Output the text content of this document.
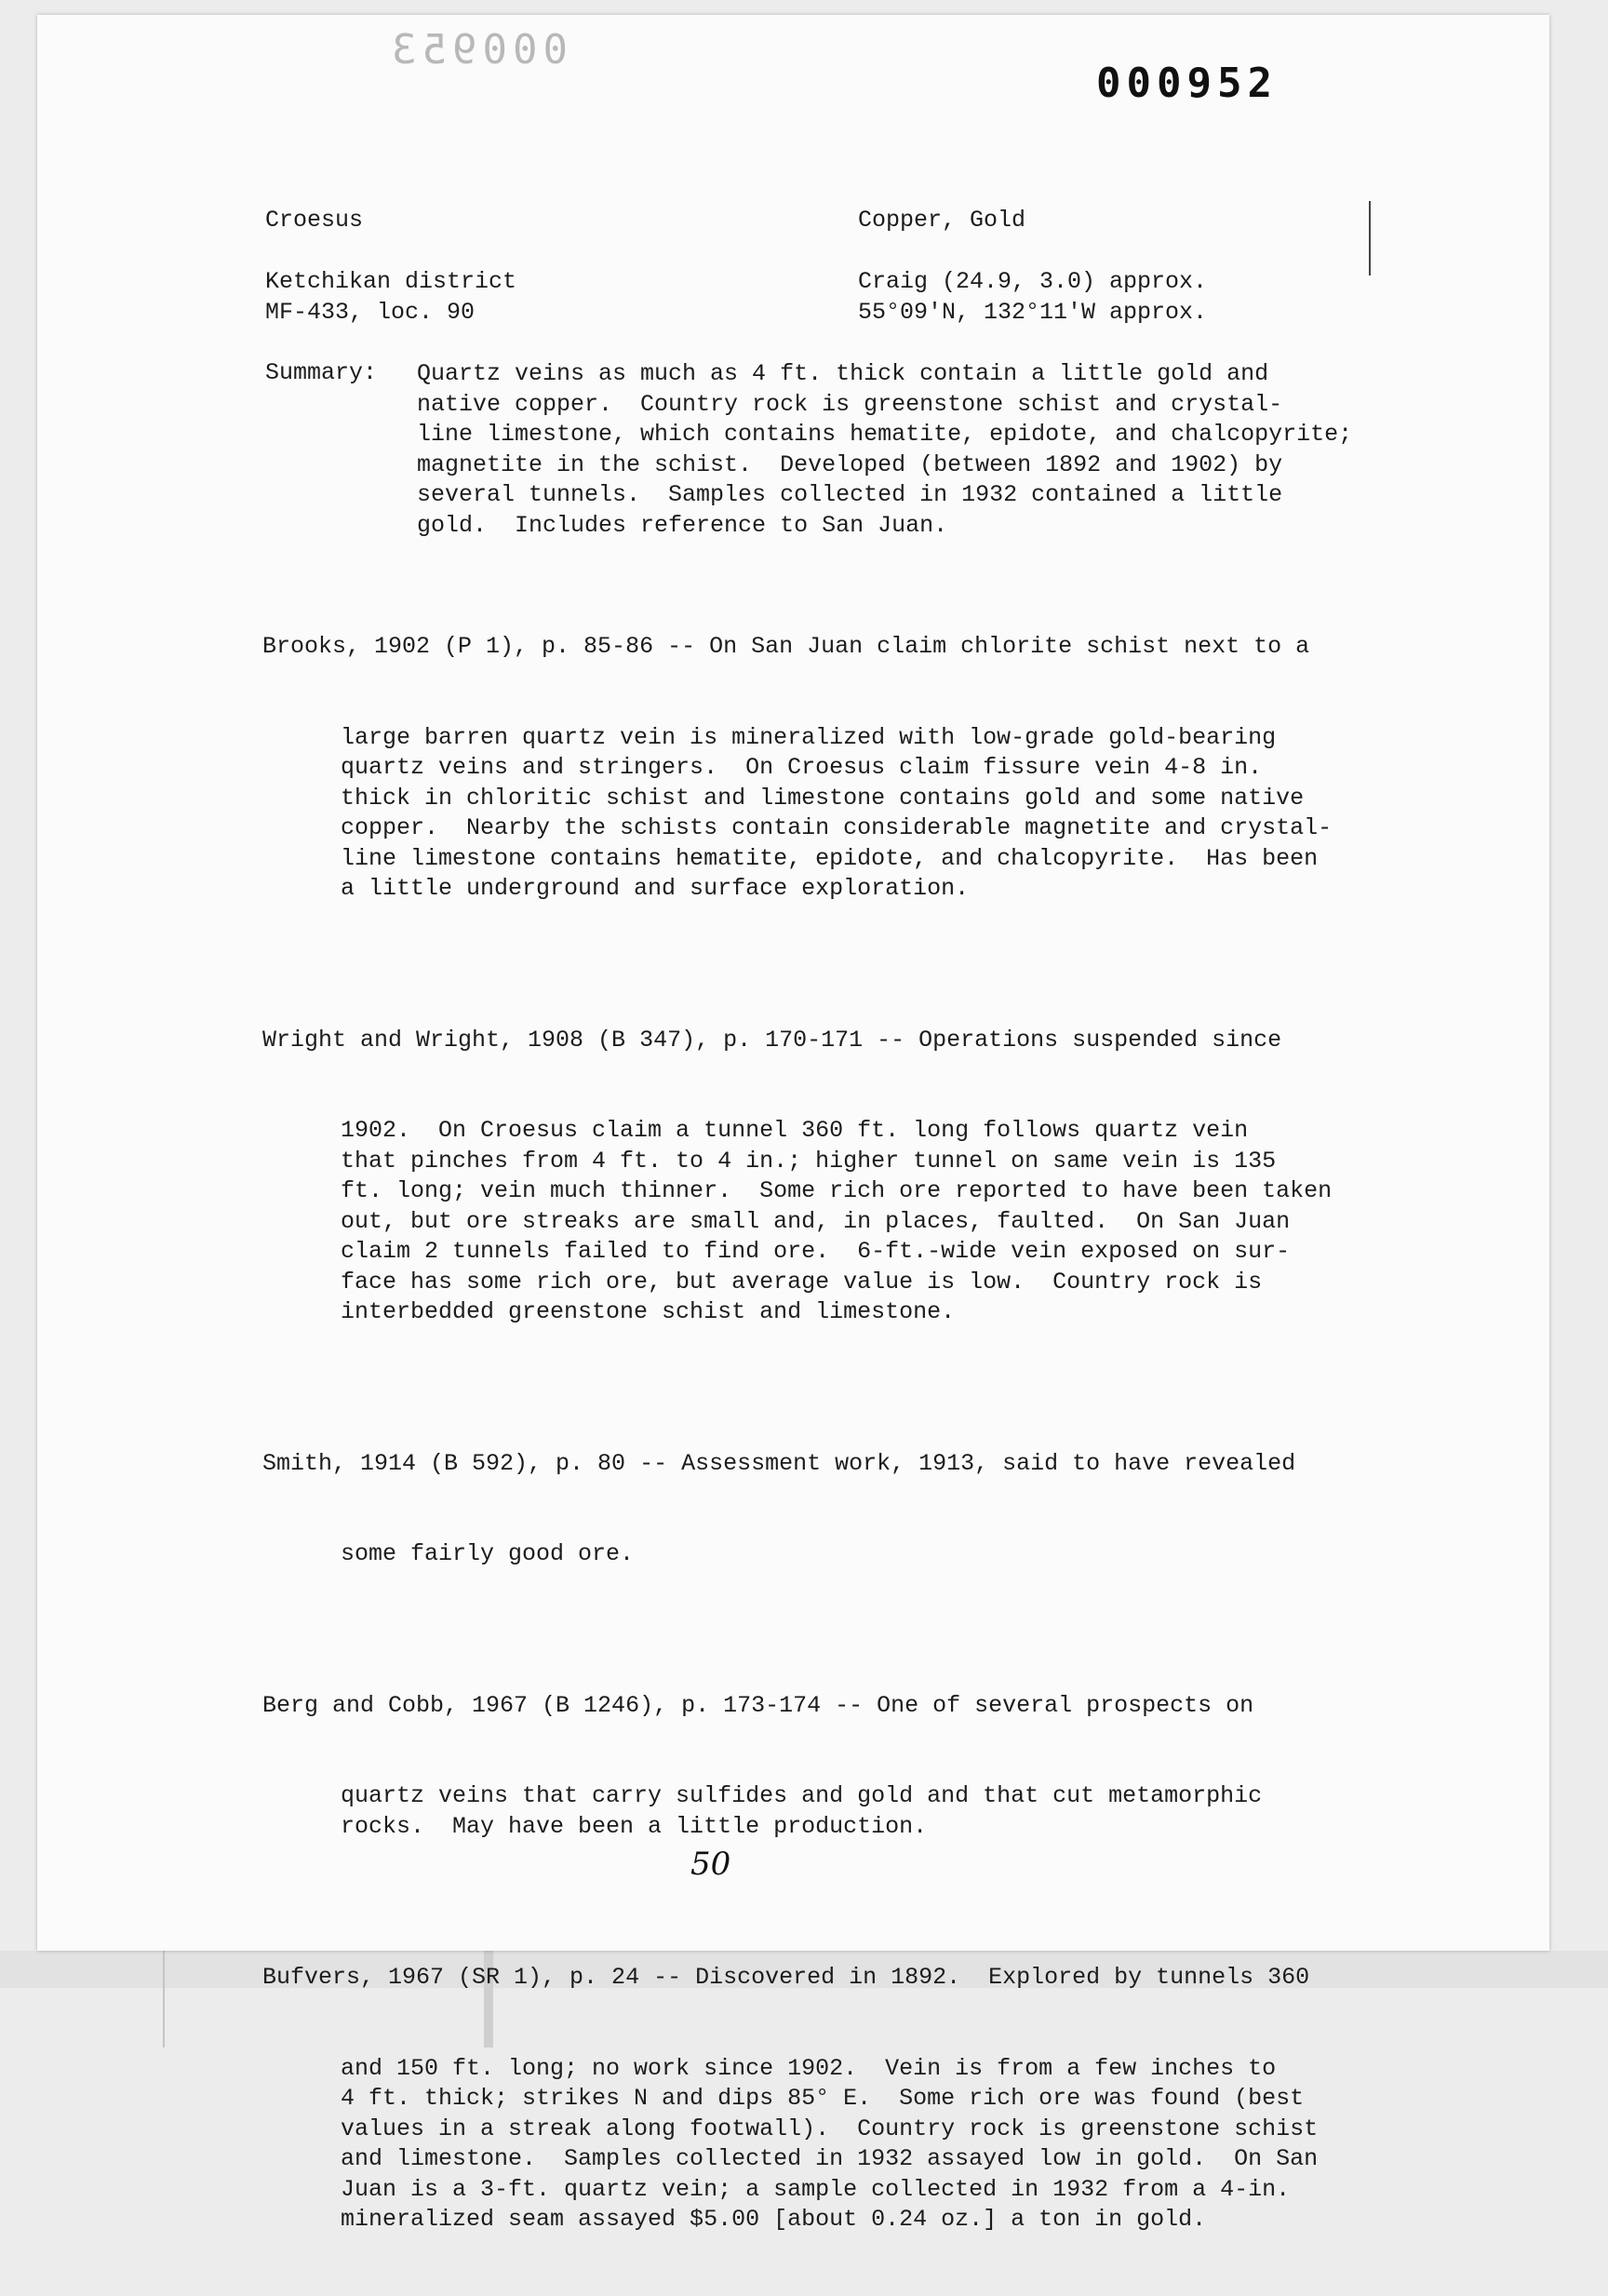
000953
000952
Croesus	Copper, Gold
Ketchikan district
MF-433, loc. 90
Craig (24.9, 3.0) approx.
55°09'N, 132°11'W approx.
Summary: Quartz veins as much as 4 ft. thick contain a little gold and
native copper.  Country rock is greenstone schist and crystal-
line limestone, which contains hematite, epidote, and chalcopyrite;
magnetite in the schist.  Developed (between 1892 and 1902) by
several tunnels.  Samples collected in 1932 contained a little
gold.  Includes reference to San Juan.

Brooks, 1902 (P 1), p. 85-86 -- On San Juan claim chlorite schist next to a

large barren quartz vein is mineralized with low-grade gold-bearing
quartz veins and stringers.  On Croesus claim fissure vein 4-8 in.
thick in chloritic schist and limestone contains gold and some native
copper.  Nearby the schists contain considerable magnetite and crystal-
line limestone contains hematite, epidote, and chalcopyrite.  Has been
a little underground and surface exploration.

Wright and Wright, 1908 (B 347), p. 170-171 -- Operations suspended since

1902.  On Croesus claim a tunnel 360 ft. long follows quartz vein
that pinches from 4 ft. to 4 in.; higher tunnel on same vein is 135
ft. long; vein much thinner.  Some rich ore reported to have been taken
out, but ore streaks are small and, in places, faulted.  On San Juan
claim 2 tunnels failed to find ore.  6-ft.-wide vein exposed on sur-
face has some rich ore, but average value is low.  Country rock is
interbedded greenstone schist and limestone.

Smith, 1914 (B 592), p. 80 -- Assessment work, 1913, said to have revealed

some fairly good ore.

Berg and Cobb, 1967 (B 1246), p. 173-174 -- One of several prospects on

quartz veins that carry sulfides and gold and that cut metamorphic
rocks.  May have been a little production.

Bufvers, 1967 (SR 1), p. 24 -- Discovered in 1892.  Explored by tunnels 360

and 150 ft. long; no work since 1902.  Vein is from a few inches to
4 ft. thick; strikes N and dips 85° E.  Some rich ore was found (best
values in a streak along footwall).  Country rock is greenstone schist
and limestone.  Samples collected in 1932 assayed low in gold.  On San
Juan is a 3-ft. quartz vein; a sample collected in 1932 from a 4-in.
mineralized seam assayed $5.00 [about 0.24 oz.] a ton in gold.

50
